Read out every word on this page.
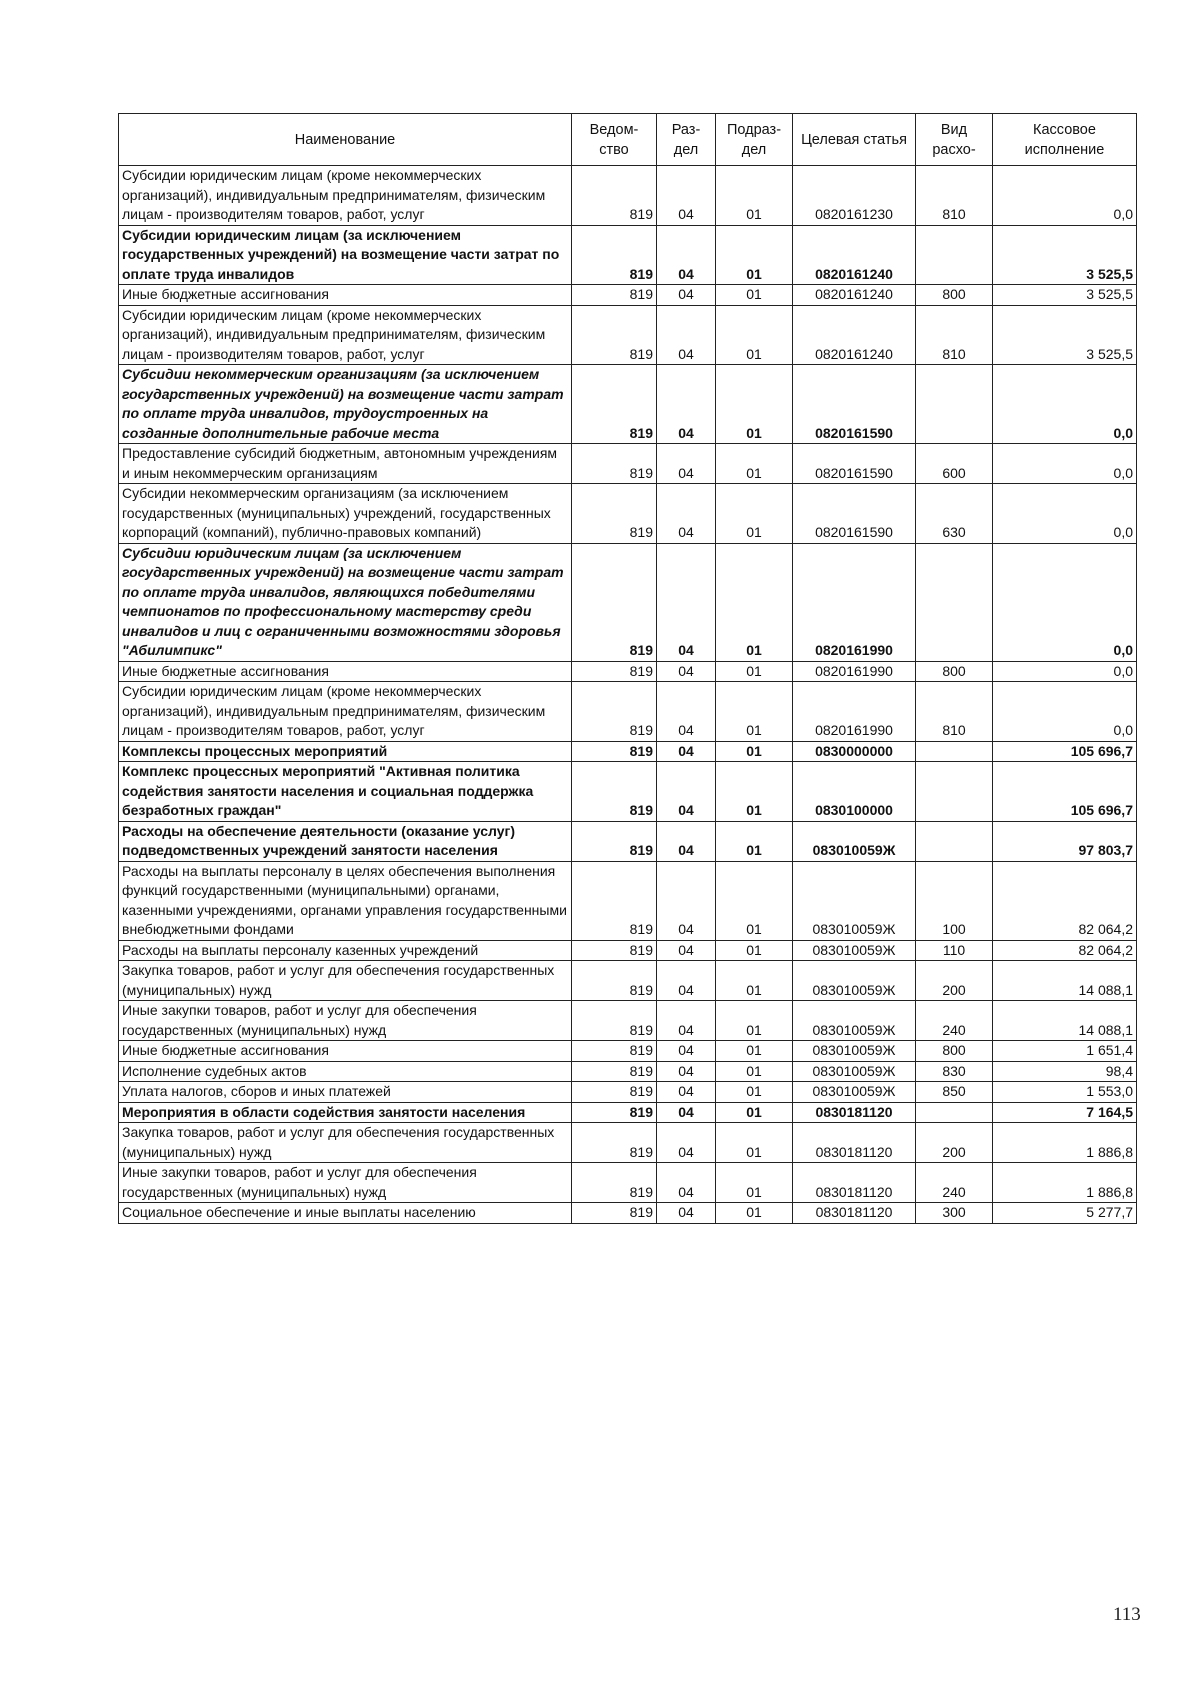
Наименование	Ведом-ство	Раз-дел	Подраз-дел	Целевая статья	Вид расхо-	Кассовое исполнение
Субсидии юридическим лицам (кроме некоммерческих организаций), индивидуальным предпринимателям, физическим лицам - производителям товаров, работ, услуг	819	04	01	0820161230	810	0,0
Субсидии юридическим лицам (за исключением государственных учреждений) на возмещение части затрат по оплате труда инвалидов	819	04	01	0820161240		3 525,5
Иные бюджетные ассигнования	819	04	01	0820161240	800	3 525,5
Субсидии юридическим лицам (кроме некоммерческих организаций), индивидуальным предпринимателям, физическим лицам - производителям товаров, работ, услуг	819	04	01	0820161240	810	3 525,5
Субсидии некоммерческим организациям (за исключением государственных учреждений) на возмещение части затрат по оплате труда инвалидов, трудоустроенных на созданные дополнительные рабочие места	819	04	01	0820161590		0,0
Предоставление субсидий бюджетным, автономным учреждениям и иным некоммерческим организациям	819	04	01	0820161590	600	0,0
Субсидии некоммерческим организациям (за исключением государственных (муниципальных) учреждений, государственных корпораций (компаний), публично-правовых компаний)	819	04	01	0820161590	630	0,0
Субсидии юридическим лицам (за исключением государственных учреждений) на возмещение части затрат по оплате труда инвалидов, являющихся победителями чемпионатов по профессиональному мастерству среди инвалидов и лиц с ограниченными возможностями здоровья "Абилимпикс"	819	04	01	0820161990		0,0
Иные бюджетные ассигнования	819	04	01	0820161990	800	0,0
Субсидии юридическим лицам (кроме некоммерческих организаций), индивидуальным предпринимателям, физическим лицам - производителям товаров, работ, услуг	819	04	01	0820161990	810	0,0
Комплексы процессных мероприятий	819	04	01	0830000000		105 696,7
Комплекс процессных мероприятий "Активная политика содействия занятости населения и социальная поддержка безработных граждан"	819	04	01	0830100000		105 696,7
Расходы на обеспечение деятельности (оказание услуг) подведомственных учреждений занятости населения	819	04	01	083010059Ж		97 803,7
Расходы на выплаты персоналу в целях обеспечения выполнения функций государственными (муниципальными) органами, казенными учреждениями, органами управления государственными внебюджетными фондами	819	04	01	083010059Ж	100	82 064,2
Расходы на выплаты персоналу казенных учреждений	819	04	01	083010059Ж	110	82 064,2
Закупка товаров, работ и услуг для обеспечения государственных (муниципальных) нужд	819	04	01	083010059Ж	200	14 088,1
Иные закупки товаров, работ и услуг для обеспечения государственных (муниципальных) нужд	819	04	01	083010059Ж	240	14 088,1
Иные бюджетные ассигнования	819	04	01	083010059Ж	800	1 651,4
Исполнение судебных актов	819	04	01	083010059Ж	830	98,4
Уплата налогов, сборов и иных платежей	819	04	01	083010059Ж	850	1 553,0
Мероприятия в области содействия занятости населения	819	04	01	0830181120		7 164,5
Закупка товаров, работ и услуг для обеспечения государственных (муниципальных) нужд	819	04	01	0830181120	200	1 886,8
Иные закупки товаров, работ и услуг для обеспечения государственных (муниципальных) нужд	819	04	01	0830181120	240	1 886,8
Социальное обеспечение и иные выплаты населению	819	04	01	0830181120	300	5 277,7
113
